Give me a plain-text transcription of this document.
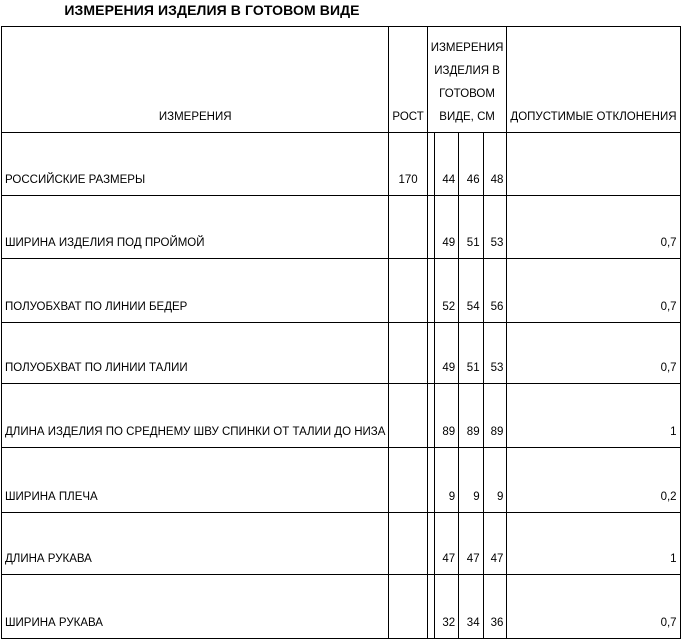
ИЗМЕРЕНИЯ ИЗДЕЛИЯ В ГОТОВОМ ВИДЕ
ИЗМЕРЕНИЯ	РОСТ	ИЗМЕРЕНИЯ ИЗДЕЛИЯ В ГОТОВОМ ВИДЕ, СМ				ДОПУСТИМЫЕ ОТКЛОНЕНИЯ
РОССИЙСКИЕ РАЗМЕРЫ	170		44	46	48	
ШИРИНА ИЗДЕЛИЯ ПОД ПРОЙМОЙ			49	51	53	0,7
ПОЛУОБХВАТ ПО ЛИНИИ БЕДЕР			52	54	56	0,7
ПОЛУОБХВАТ ПО ЛИНИИ ТАЛИИ			49	51	53	0,7
ДЛИНА ИЗДЕЛИЯ ПО СРЕДНЕМУ ШВУ СПИНКИ ОТ ТАЛИИ ДО НИЗА			89	89	89	1
ШИРИНА ПЛЕЧА			9	9	9	0,2
ДЛИНА РУКАВА			47	47	47	1
ШИРИНА РУКАВА			32	34	36	0,7
